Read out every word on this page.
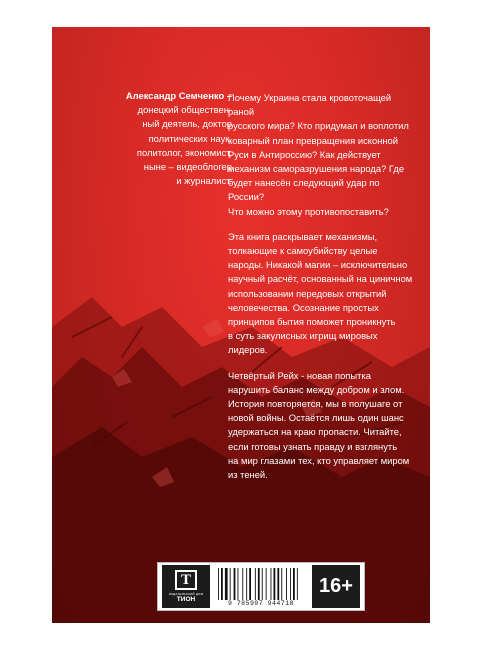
Александр Семченко –
донецкий обществен-
ный деятель, доктор
политических наук,
политолог, экономист,
ныне – видеоблогер
и журналист.

Почему Украина стала кровоточащей раной
русского мира? Кто придумал и воплотил
коварный план превращения исконной
Руси в Антироссию? Как действует
механизм саморазрушения народа? Где
будет нанесён следующий удар по России?
Что можно этому противопоставить?

Эта книга раскрывает механизмы,
толкающие к самоубийству целые
народы. Никакой магии – исключительно
научный расчёт, основанный на циничном
использовании передовых открытий
человечества. Осознание простых
принципов бытия поможет проникнуть
в суть закулисных игрищ мировых лидеров.

Четвёртый Рейх - новая попытка
нарушить баланс между добром и злом.
История повторяется, мы в полушаге от
новой войны. Остаётся лишь один шанс
удержаться на краю пропасти. Читайте,
если готовы узнать правду и взглянуть
на мир глазами тех, кто управляет миром
из теней.

Т
ИЗДАТЕЛЬСКИЙ ДОМ
ТИОН
9 785907 944718
16+
